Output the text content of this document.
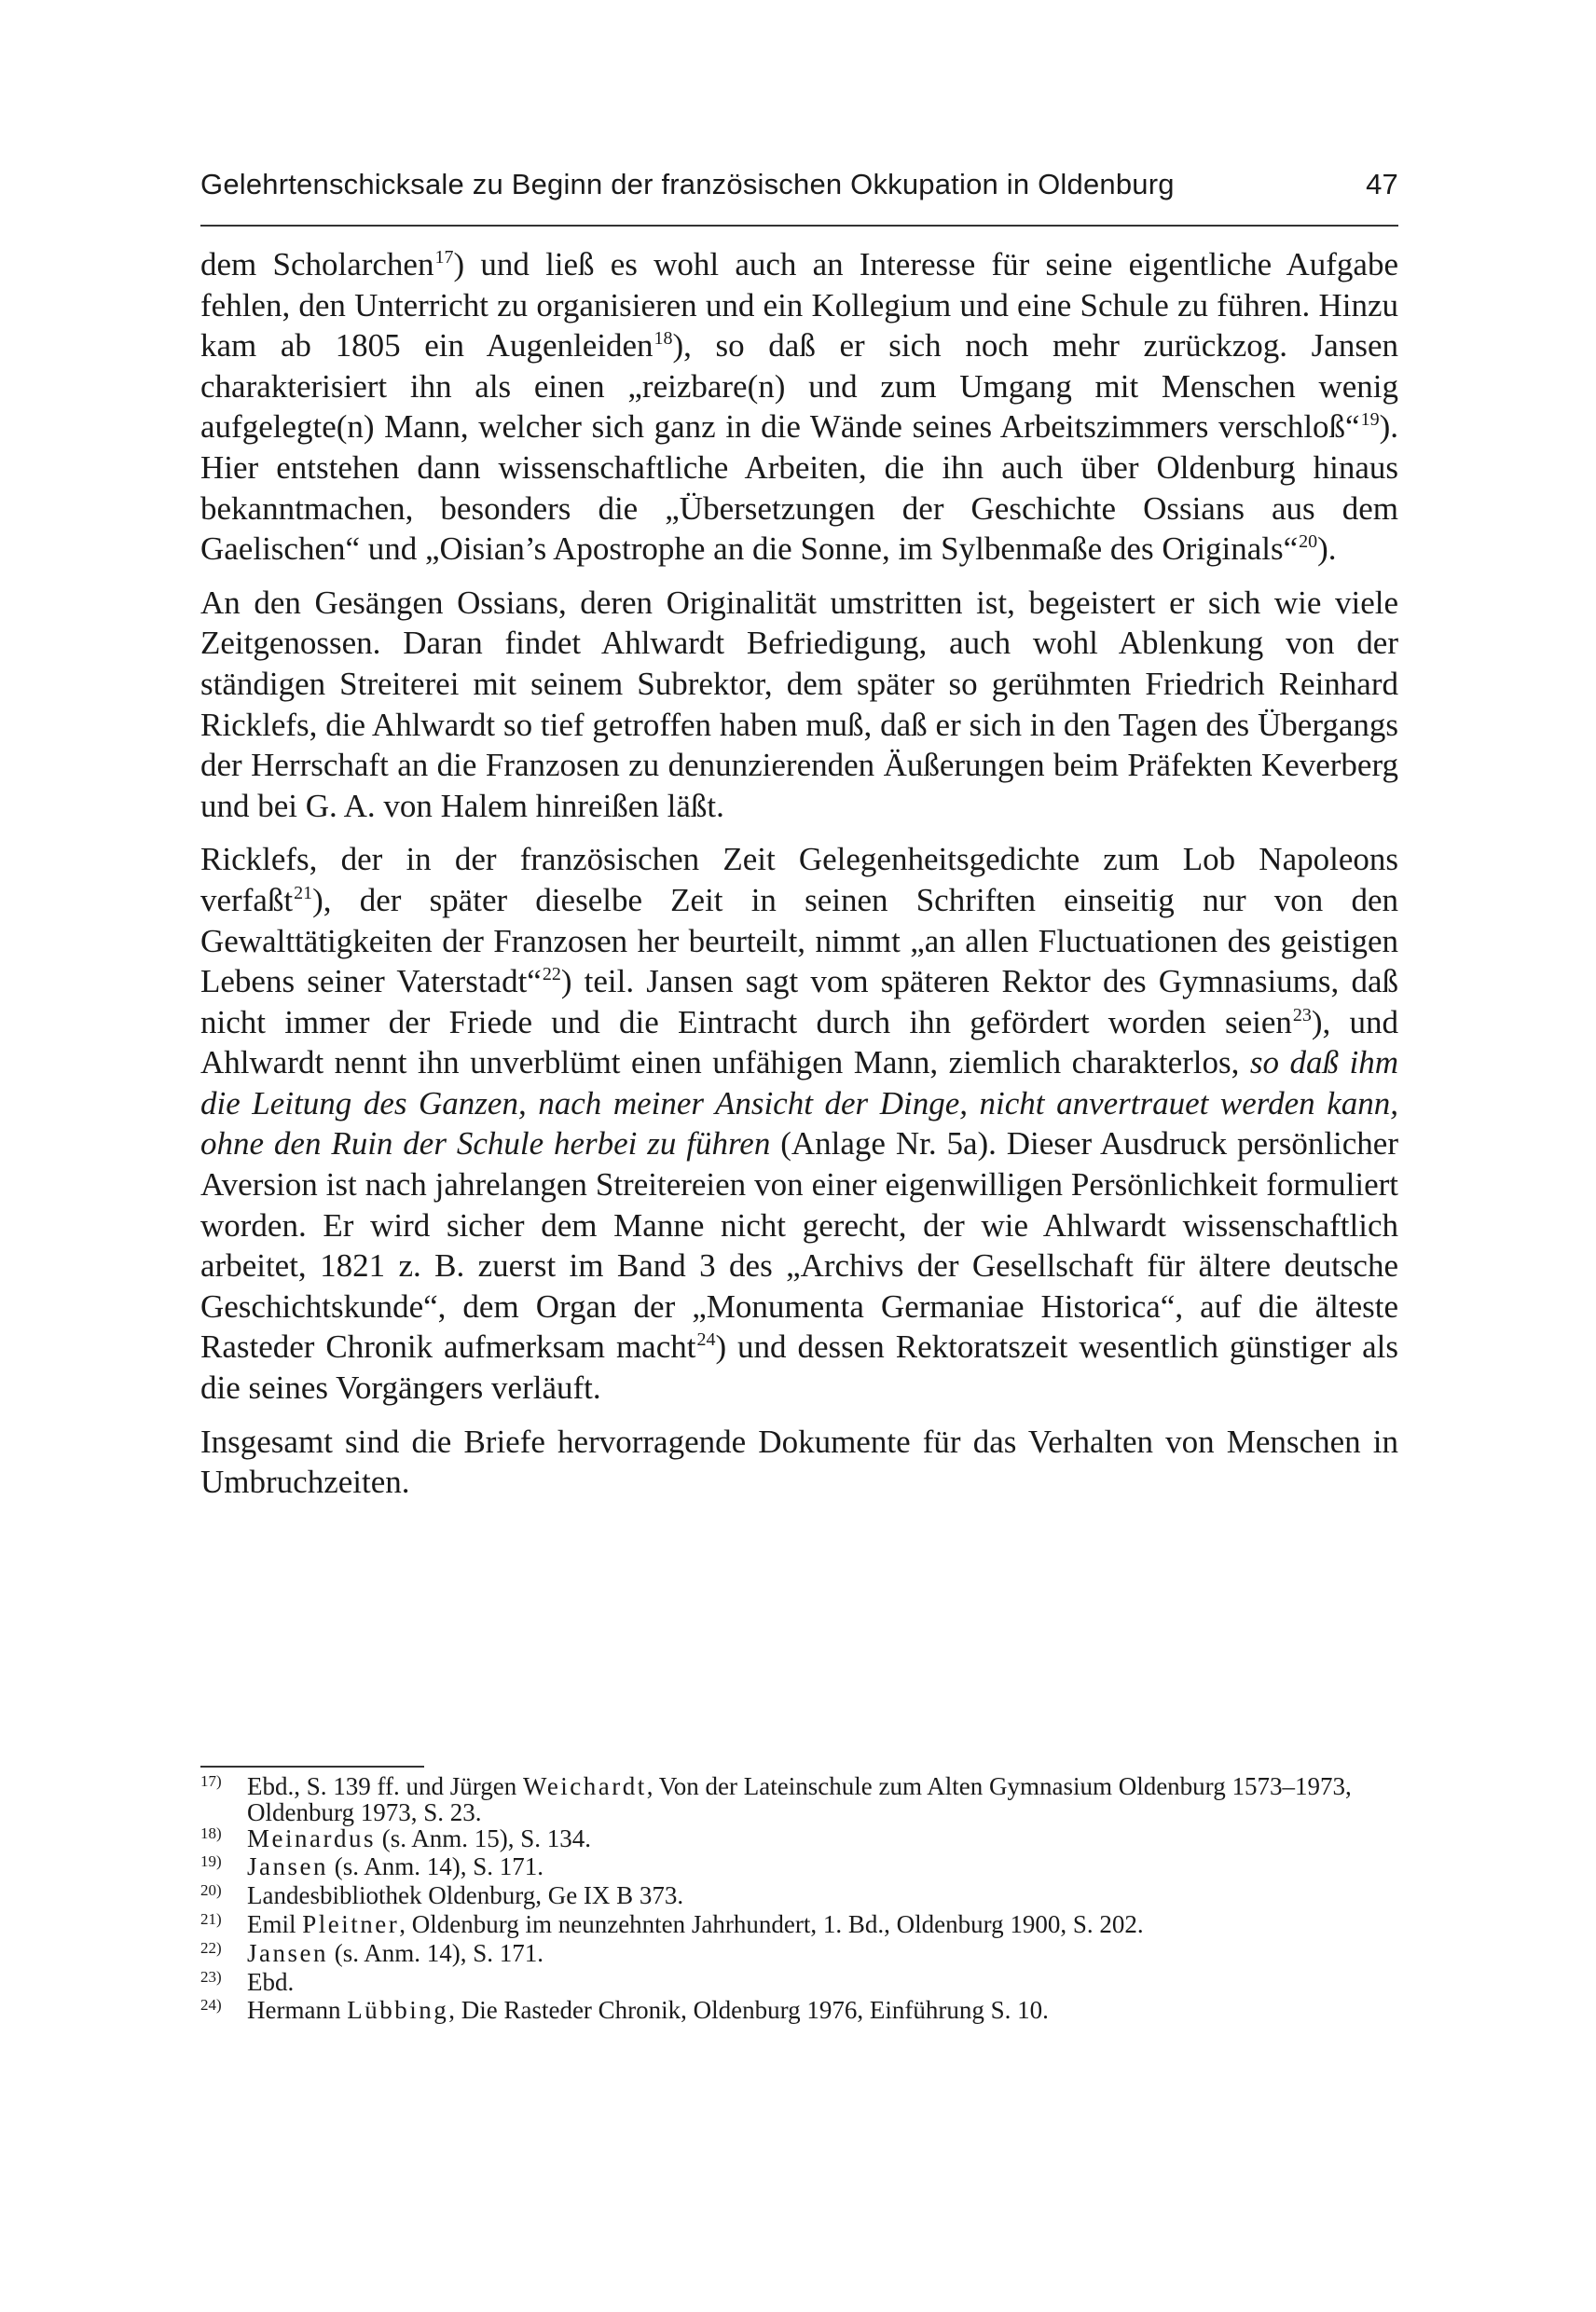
Gelehrtenschicksale zu Beginn der französischen Okkupation in Oldenburg	47

dem Scholarchen$^{17}$) und ließ es wohl auch an Interesse für seine eigentliche Aufgabe fehlen, den Unterricht zu organisieren und ein Kollegium und eine Schule zu führen. Hinzu kam ab 1805 ein Augenleiden$^{18}$), so daß er sich noch mehr zurückzog. Jansen charakterisiert ihn als einen „reizbare(n) und zum Umgang mit Menschen wenig aufgelegte(n) Mann, welcher sich ganz in die Wände seines Arbeitszimmers verschloß“$^{19}$). Hier entstehen dann wissenschaftliche Arbeiten, die ihn auch über Oldenburg hinaus bekanntmachen, besonders die „Übersetzungen der Geschichte Ossians aus dem Gaelischen“ und „Oisian’s Apostrophe an die Sonne, im Sylbenmaße des Originals“$^{20}$).

An den Gesängen Ossians, deren Originalität umstritten ist, begeistert er sich wie viele Zeitgenossen. Daran findet Ahlwardt Befriedigung, auch wohl Ablenkung von der ständigen Streiterei mit seinem Subrektor, dem später so gerühmten Friedrich Reinhard Ricklefs, die Ahlwardt so tief getroffen haben muß, daß er sich in den Tagen des Übergangs der Herrschaft an die Franzosen zu denunzierenden Äußerungen beim Präfekten Keverberg und bei G. A. von Halem hinreißen läßt.

Ricklefs, der in der französischen Zeit Gelegenheitsgedichte zum Lob Napoleons verfaßt$^{21}$), der später dieselbe Zeit in seinen Schriften einseitig nur von den Gewalttätigkeiten der Franzosen her beurteilt, nimmt „an allen Fluctuationen des geistigen Lebens seiner Vaterstadt“$^{22}$) teil. Jansen sagt vom späteren Rektor des Gymnasiums, daß nicht immer der Friede und die Eintracht durch ihn gefördert worden seien$^{23}$), und Ahlwardt nennt ihn unverblümt einen unfähigen Mann, ziemlich charakterlos, so daß ihm die Leitung des Ganzen, nach meiner Ansicht der Dinge, nicht anvertrauet werden kann, ohne den Ruin der Schule herbei zu führen (Anlage Nr. 5a). Dieser Ausdruck persönlicher Aversion ist nach jahrelangen Streitereien von einer eigenwilligen Persönlichkeit formuliert worden. Er wird sicher dem Manne nicht gerecht, der wie Ahlwardt wissenschaftlich arbeitet, 1821 z. B. zuerst im Band 3 des „Archivs der Gesellschaft für ältere deutsche Geschichtskunde“, dem Organ der „Monumenta Germaniae Historica“, auf die älteste Rasteder Chronik aufmerksam macht$^{24}$) und dessen Rektoratszeit wesentlich günstiger als die seines Vorgängers verläuft.

Insgesamt sind die Briefe hervorragende Dokumente für das Verhalten von Menschen in Umbruchzeiten.

17)	Ebd., S. 139 ff. und Jürgen Weichardt, Von der Lateinschule zum Alten Gymnasium Oldenburg 1573–1973, Oldenburg 1973, S. 23.
18)	Meinardus (s. Anm. 15), S. 134.
19)	Jansen (s. Anm. 14), S. 171.
20)	Landesbibliothek Oldenburg, Ge IX B 373.
21)	Emil Pleitner, Oldenburg im neunzehnten Jahrhundert, 1. Bd., Oldenburg 1900, S. 202.
22)	Jansen (s. Anm. 14), S. 171.
23)	Ebd.
24)	Hermann Lübbing, Die Rasteder Chronik, Oldenburg 1976, Einführung S. 10.
